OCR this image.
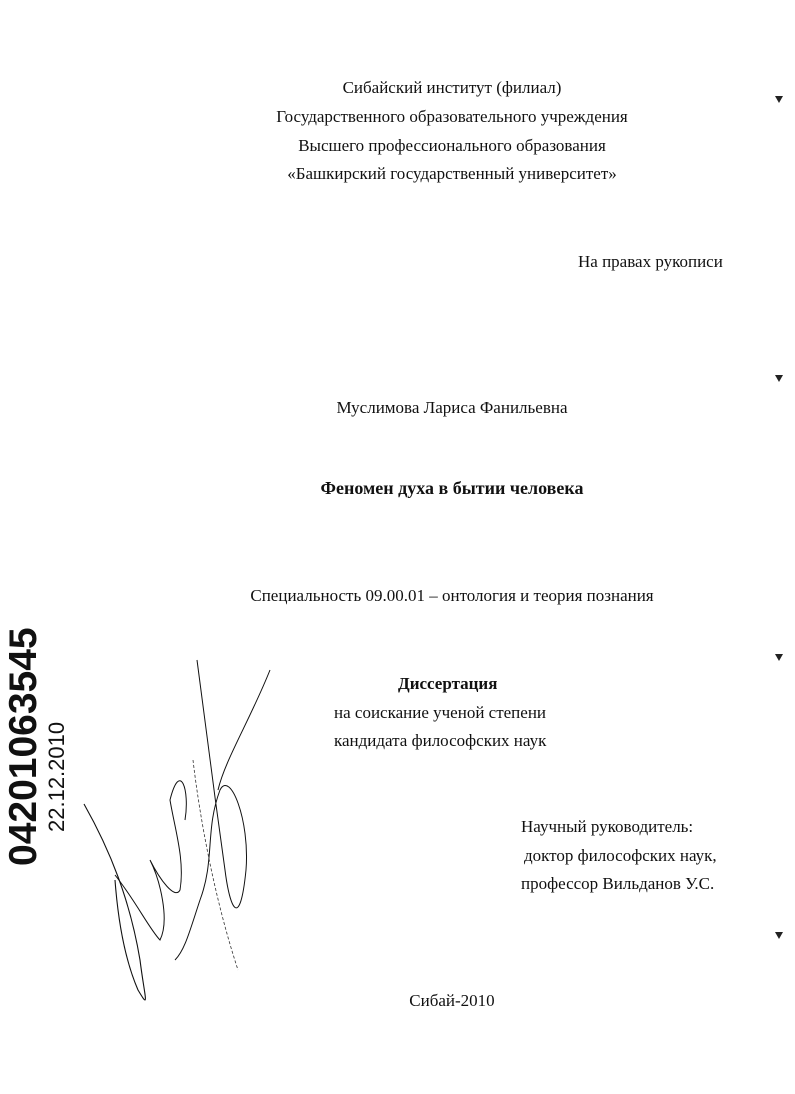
Сибайский институт (филиал)
Государственного образовательного учреждения
Высшего профессионального образования
«Башкирский государственный университет»
На правах рукописи
Муслимова Лариса Фанильевна
Феномен духа в бытии человека
Специальность 09.00.01 – онтология и теория познания
Диссертация
на соискание ученой степени
кандидата философских наук
Научный руководитель:
доктор философских наук,
профессор Вильданов У.С.
Сибай-2010
04201063545 22.12.2010
